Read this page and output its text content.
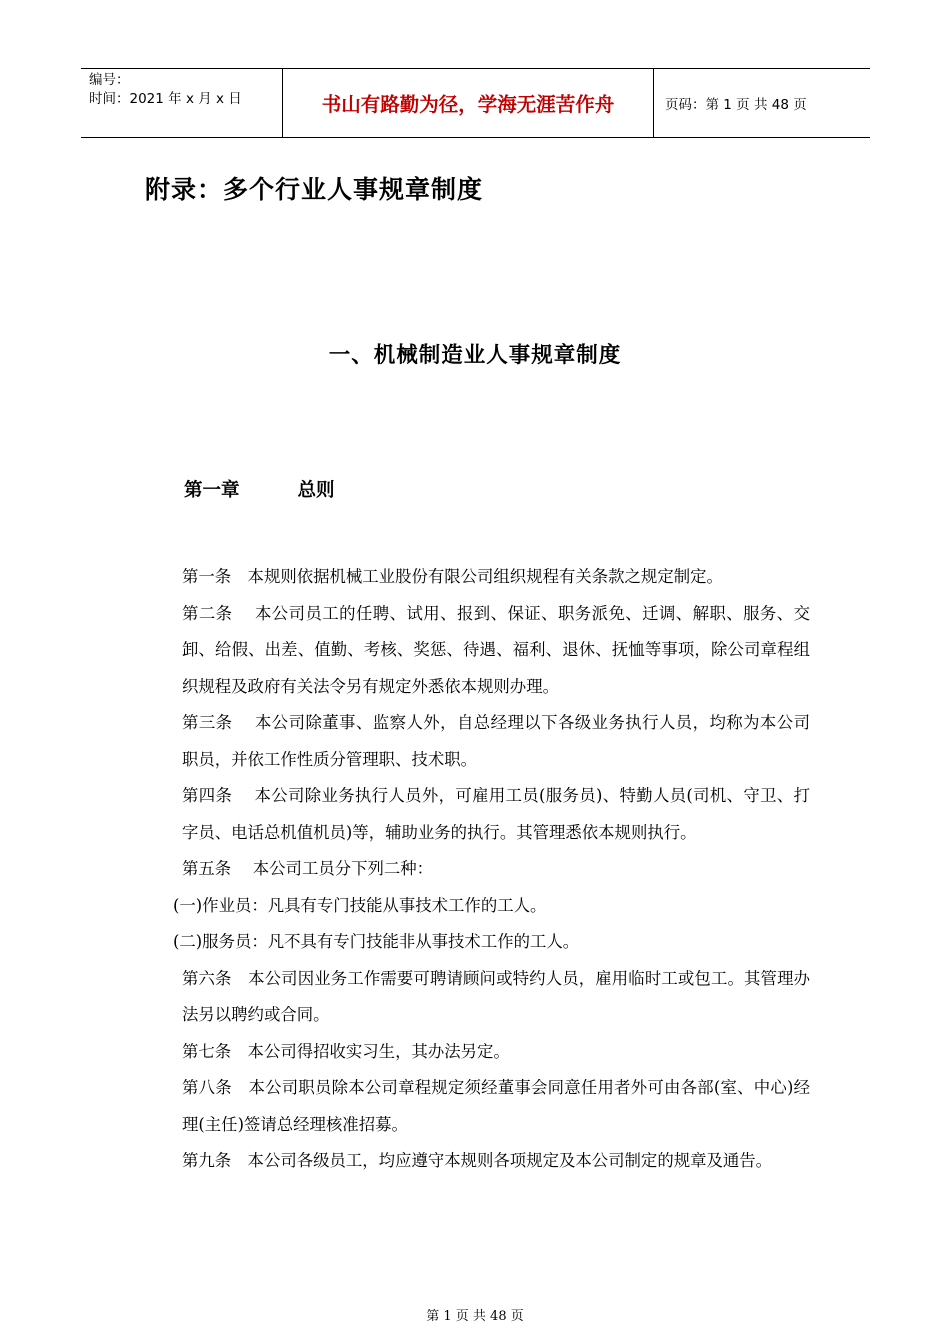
编号：
时间：2021 年 x 月 x 日	书山有路勤为径，学海无涯苦作舟	页码：第 1 页 共 48 页
附录：多个行业人事规章制度
一、机械制造业人事规章制度
第一章	总则

第一条　本规则依据机械工业股份有限公司组织规程有关条款之规定制定。

第二条　 本公司员工的任聘、试用、报到、保证、职务派免、迁调、解职、服务、交卸、给假、出差、值勤、考核、奖惩、待遇、福利、退休、抚恤等事项，除公司章程组织规程及政府有关法令另有规定外悉依本规则办理。

第三条　 本公司除董事、监察人外，自总经理以下各级业务执行人员，均称为本公司职员，并依工作性质分管理职、技术职。

第四条　 本公司除业务执行人员外，可雇用工员(服务员)、特勤人员(司机、守卫、打字员、电话总机值机员)等，辅助业务的执行。其管理悉依本规则执行。

第五条　 本公司工员分下列二种：

(一)作业员：凡具有专门技能从事技术工作的工人。

(二)服务员：凡不具有专门技能非从事技术工作的工人。

第六条　本公司因业务工作需要可聘请顾问或特约人员，雇用临时工或包工。其管理办法另以聘约或合同。

第七条　本公司得招收实习生，其办法另定。

第八条　本公司职员除本公司章程规定须经董事会同意任用者外可由各部(室、中心)经理(主任)签请总经理核准招募。

第九条　本公司各级员工，均应遵守本规则各项规定及本公司制定的规章及通告。

第 1 页 共 48 页
